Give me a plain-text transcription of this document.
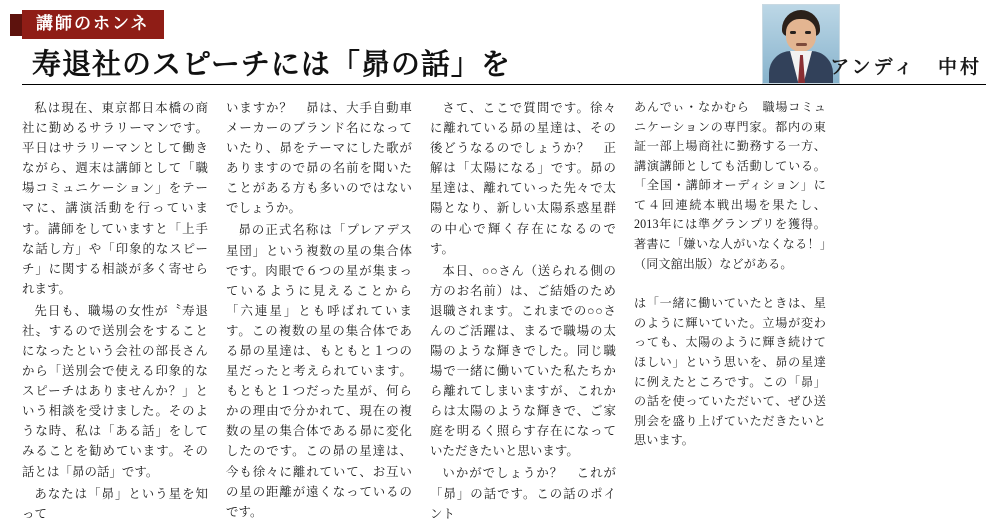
講師のホンネ
寿退社のスピーチには「昴の話」を	アンディ　中村

私は現在、東京都日本橋の商社に勤めるサラリーマンです。平日はサラリーマンとして働きながら、週末は講師として「職場コミュニケーション」をテーマに、講演活動を行っています。講師をしていますと「上手な話し方」や「印象的なスピーチ」に関する相談が多く寄せられます。

先日も、職場の女性が〝寿退社〟するので送別会をすることになったという会社の部長さんから「送別会で使える印象的なスピーチはありませんか？」という相談を受けました。そのような時、私は「ある話」をしてみることを勧めています。その話とは「昴の話」です。

あなたは「昴」という星を知って

いますか？　昴は、大手自動車メーカーのブランド名になっていたり、昴をテーマにした歌がありますので昴の名前を聞いたことがある方も多いのではないでしょうか。

昴の正式名称は「プレアデス星団」という複数の星の集合体です。肉眼で６つの星が集まっているように見えることから「六連星」とも呼ばれています。この複数の星の集合体である昴の星達は、もともと１つの星だったと考えられています。もともと１つだった星が、何らかの理由で分かれて、現在の複数の星の集合体である昴に変化したのです。この昴の星達は、今も徐々に離れていて、お互いの星の距離が遠くなっているのです。

さて、ここで質問です。徐々に離れている昴の星達は、その後どうなるのでしょうか？　正解は「太陽になる」です。昴の星達は、離れていった先々で太陽となり、新しい太陽系惑星群の中心で輝く存在になるのです。

本日、○○さん（送られる側の方のお名前）は、ご結婚のため退職されます。これまでの○○さんのご活躍は、まるで職場の太陽のような輝きでした。同じ職場で一緒に働いていた私たちから離れてしまいますが、これからは太陽のような輝きで、ご家庭を明るく照らす存在になっていただきたいと思います。

いかがでしょうか？　これが「昴」の話です。この話のポイント

あんでぃ・なかむら　職場コミュニケーションの専門家。都内の東証一部上場商社に勤務する一方、講演講師としても活動している。「全国・講師オーディション」にて４回連続本戦出場を果たし、2013年には準グランプリを獲得。著書に「嫌いな人がいなくなる！」（同文舘出版）などがある。

は「一緒に働いていたときは、星のように輝いていた。立場が変わっても、太陽のように輝き続けてほしい」という思いを、昴の星達に例えたところです。この「昴」の話を使っていただいて、ぜひ送別会を盛り上げていただきたいと思います。
